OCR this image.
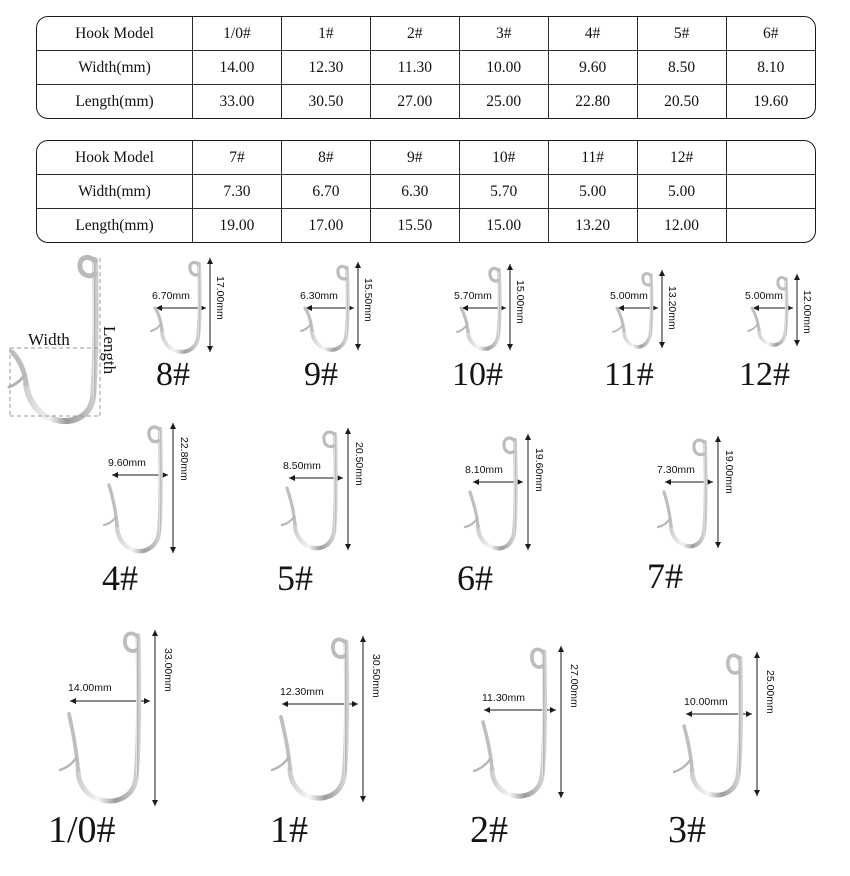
Hook Model	1/0#	1#	2#	3#	4#	5#	6#
Width(mm)	14.00	12.30	11.30	10.00	9.60	8.50	8.10
Length(mm)	33.00	30.50	27.00	25.00	22.80	20.50	19.60
Hook Model	7#	8#	9#	10#	11#	12#	
Width(mm)	7.30	6.70	6.30	5.70	5.00	5.00	
Length(mm)	19.00	17.00	15.50	15.00	13.20	12.00	
Width Length
6.70mm 17.00mm
8#
6.30mm 15.50mm
9#
5.70mm 15.00mm
10#
5.00mm 13.20mm
11#
5.00mm 12.00mm
12#
9.60mm	22.80mm
4#
8.50mm	20.50mm
5#
8.10mm	19.60mm
6#
7.30mm	19.00mm
7#
14.00mm	33.00mm
1/0#
12.30mm	30.50mm
1#
11.30mm	27.00mm
2#
10.00mm	25.00mm
3#
